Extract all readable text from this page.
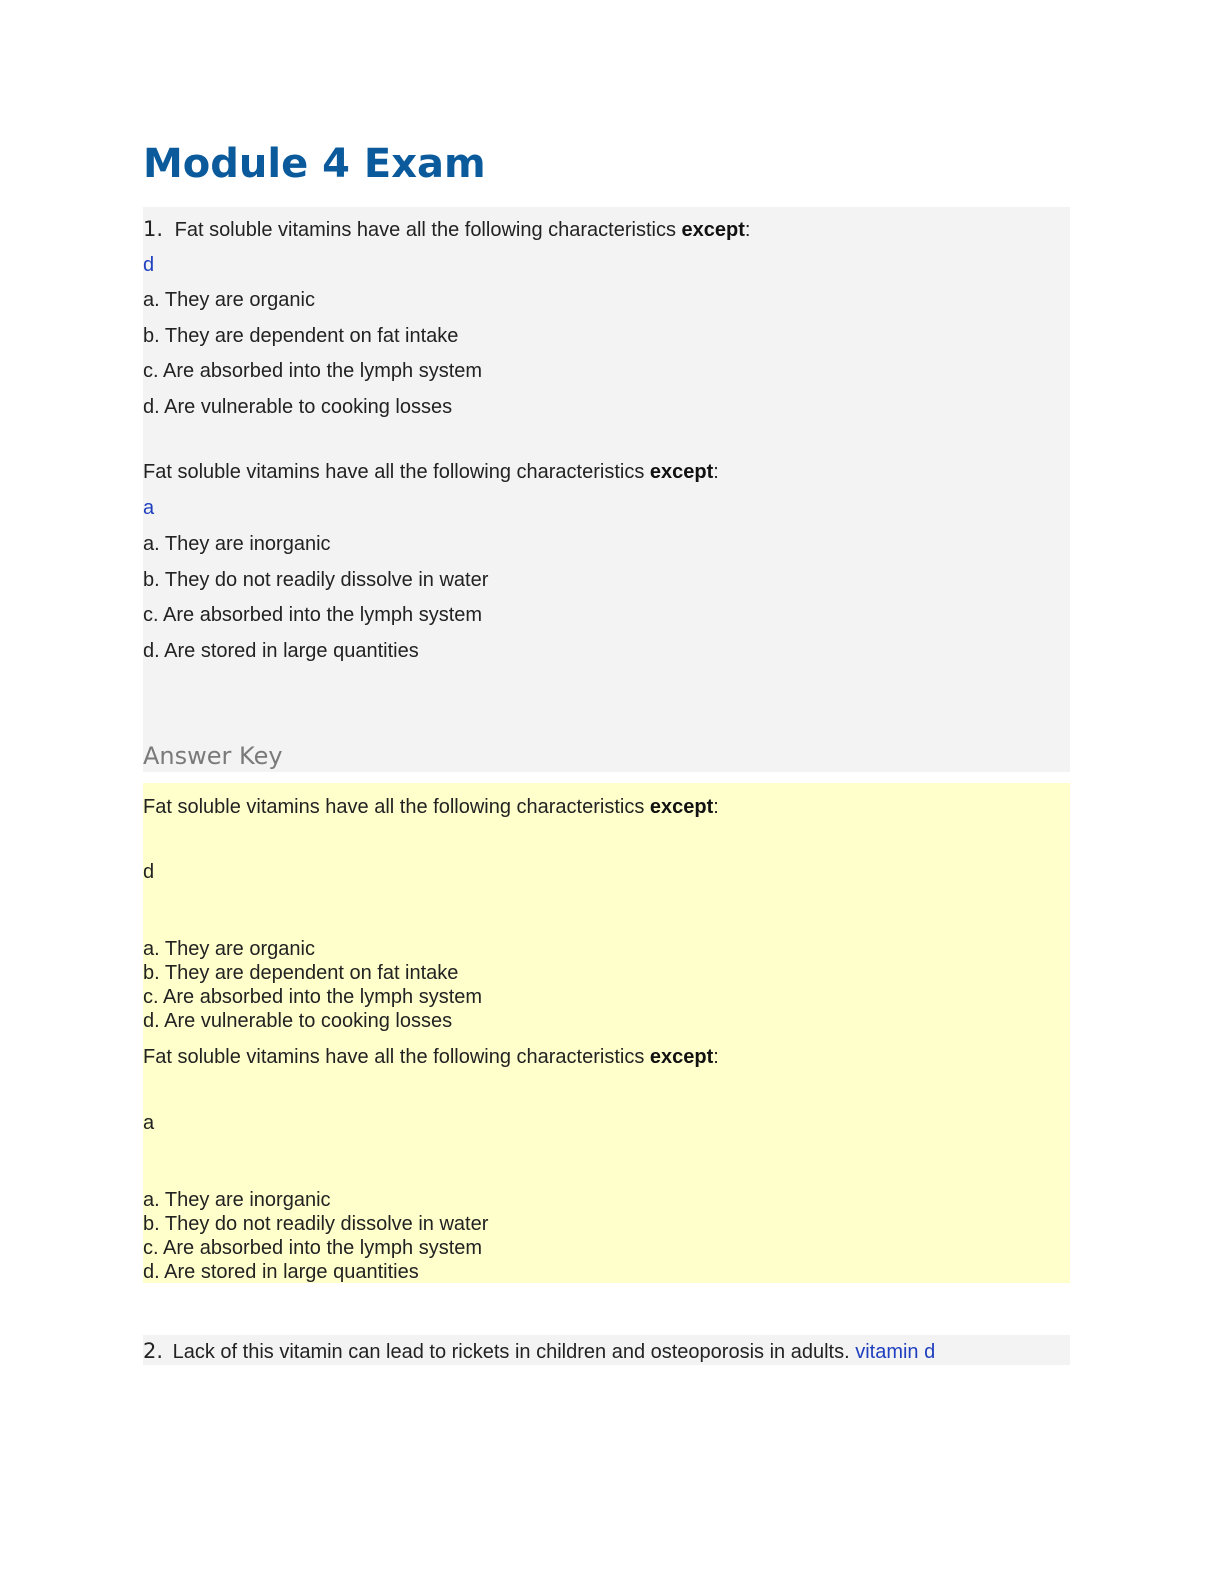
Module 4 Exam

1. Fat soluble vitamins have all the following characteristics except:

d

a. They are organic

b. They are dependent on fat intake

c. Are absorbed into the lymph system

d. Are vulnerable to cooking losses

Fat soluble vitamins have all the following characteristics except:

a

a. They are inorganic

b. They do not readily dissolve in water

c. Are absorbed into the lymph system

d. Are stored in large quantities

Answer Key

Fat soluble vitamins have all the following characteristics except:

d

a. They are organic

b. They are dependent on fat intake

c. Are absorbed into the lymph system

d. Are vulnerable to cooking losses

Fat soluble vitamins have all the following characteristics except:

a

a. They are inorganic

b. They do not readily dissolve in water

c. Are absorbed into the lymph system

d. Are stored in large quantities

2. Lack of this vitamin can lead to rickets in children and osteoporosis in adults. vitamin d
